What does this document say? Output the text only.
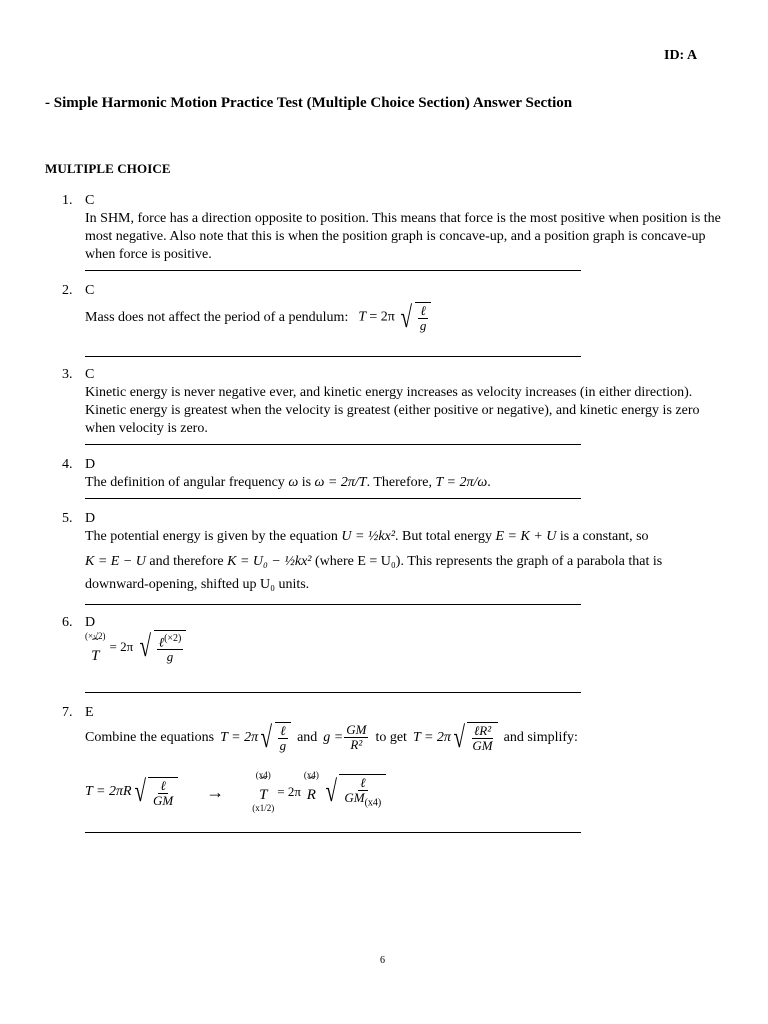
ID: A
- Simple Harmonic Motion Practice Test (Multiple Choice Section) Answer Section
MULTIPLE CHOICE
1. C
In SHM, force has a direction opposite to position. This means that force is the most positive when position is the most negative. Also note that this is when the position graph is concave-up, and a position graph is concave-up when force is positive.
2. C
Mass does not affect the period of a pendulum: T = 2π √ $\frac{\text{ℓ}}{g}$
3. C
Kinetic energy is never negative ever, and kinetic energy increases as velocity increases (in either direction). Kinetic energy is greatest when the velocity is greatest (either positive or negative), and kinetic energy is zero when velocity is zero.
4. D
The definition of angular frequency ω is ω = 2π/T. Therefore, T = 2π/ω.
5. D
The potential energy is given by the equation U = ½kx². But total energy E = K + U is a constant, so
K = E − U and therefore K = U₀ − ½kx² (where E = U₀). This represents the graph of a parabola that is
downward-opening, shifted up U₀ units.
6. D
(×√2)
⏞
T
= 2π √ $\frac{\ell^{(\times 2)}}{g}$
7. E
Combine the equations T = 2π √ $\frac{\text{ℓ}}{g}$ and $g = \frac{GM}{\text{R²}}$ to get T = 2π √ $\frac{\text{ℓR²}}{GM}$ and simplify:
T = 2πR √ $\frac{\text{ℓ}}{GM}$ →
(x4)
⏞
T
(x1/2)
= 2π
(x4)
⏞
R √ $\frac{\text{ℓ}}{GM_{(x4)}}$
6
